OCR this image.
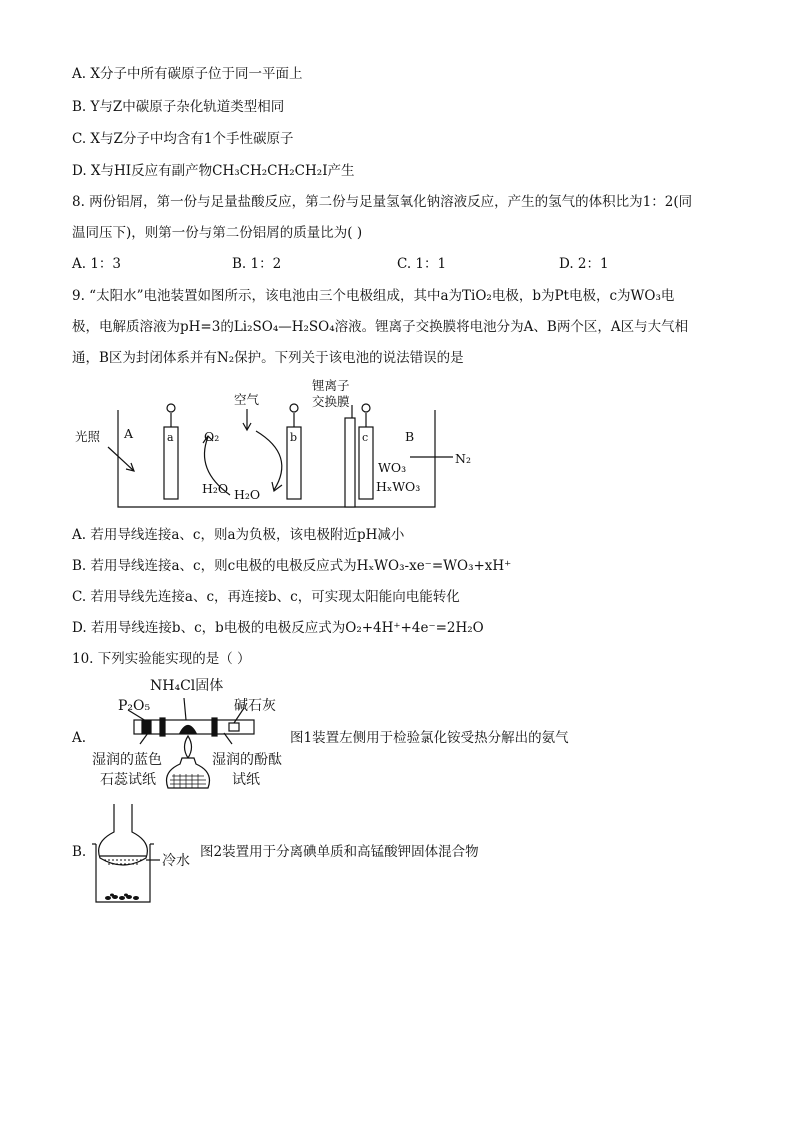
A. X分子中所有碳原子位于同一平面上
B. Y与Z中碳原子杂化轨道类型相同
C. X与Z分子中均含有1个手性碳原子
D. X与HI反应有副产物CH₃CH₂CH₂CH₂I产生
8. 两份铝屑，第一份与足量盐酸反应，第二份与足量氢氧化钠溶液反应，产生的氢气的体积比为1：2(同
温同压下)，则第一份与第二份铝屑的质量比为( )
A. 1：3	B. 1：2	C. 1：1	D. 2：1
9. “太阳水”电池装置如图所示，该电池由三个电极组成，其中a为TiO₂电极，b为Pt电极，c为WO₃电
极，电解质溶液为pH=3的Li₂SO₄—H₂SO₄溶液。锂离子交换膜将电池分为A、B两个区，A区与大气相
通，B区为封闭体系并有N₂保护。下列关于该电池的说法错误的是
光照 A	B
a	b	c
O₂
空气
H₂O H₂O
锂离子
交换膜
WO₃
HₓWO₃
N₂
A. 若用导线连接a、c，则a为负极，该电极附近pH减小
B. 若用导线连接a、c，则c电极的电极反应式为HₓWO₃-xe⁻=WO₃+xH⁺
C. 若用导线先连接a、c，再连接b、c，可实现太阳能向电能转化
D. 若用导线连接b、c，b电极的电极反应式为O₂+4H⁺+4e⁻=2H₂O
10. 下列实验能实现的是（ ）
A.
NH₄Cl固体
P₂O₅	碱石灰
湿润的蓝色
石蕊试纸
湿润的酚酞
试纸
图1装置左侧用于检验氯化铵受热分解出的氨气
B.
冷水
图2装置用于分离碘单质和高锰酸钾固体混合物
